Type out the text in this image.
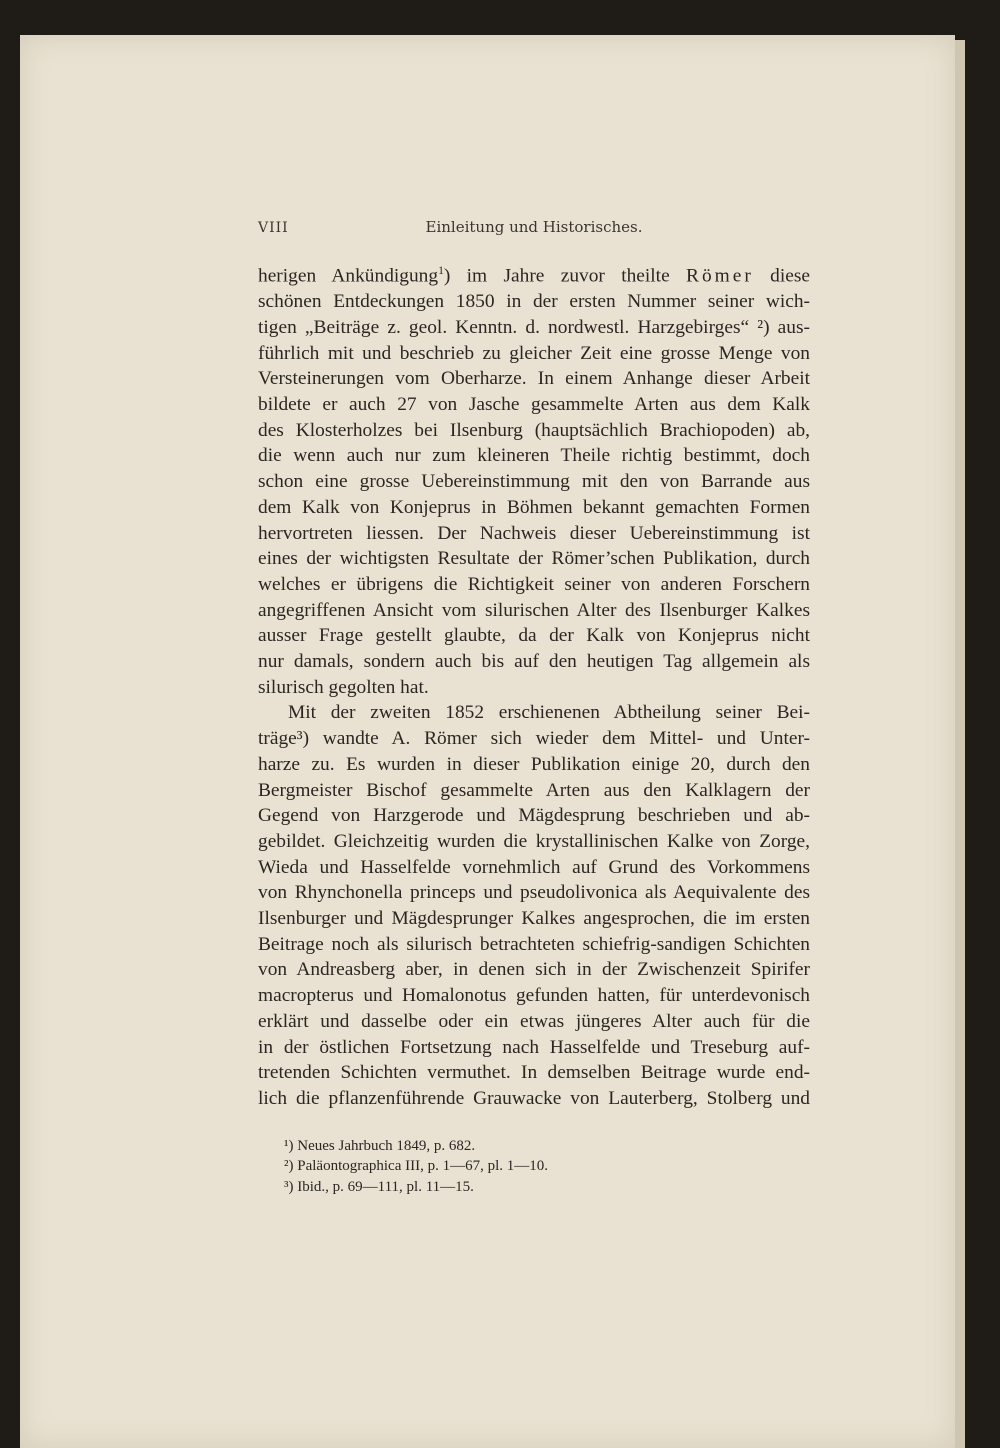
VIII	Einleitung und Historisches.
herigen Ankündigung$^1$) im Jahre zuvor theilte Römer diese
schönen Entdeckungen 1850 in der ersten Nummer seiner wich-
tigen „Beiträge z. geol. Kenntn. d. nordwestl. Harzgebirges“ ²) aus-
führlich mit und beschrieb zu gleicher Zeit eine grosse Menge von
Versteinerungen vom Oberharze. In einem Anhange dieser Arbeit
bildete er auch 27 von Jasche gesammelte Arten aus dem Kalk
des Klosterholzes bei Ilsenburg (hauptsächlich Brachiopoden) ab,
die wenn auch nur zum kleineren Theile richtig bestimmt, doch
schon eine grosse Uebereinstimmung mit den von Barrande aus
dem Kalk von Konjeprus in Böhmen bekannt gemachten Formen
hervortreten liessen. Der Nachweis dieser Uebereinstimmung ist
eines der wichtigsten Resultate der Römer’schen Publikation, durch
welches er übrigens die Richtigkeit seiner von anderen Forschern
angegriffenen Ansicht vom silurischen Alter des Ilsenburger Kalkes
ausser Frage gestellt glaubte, da der Kalk von Konjeprus nicht
nur damals, sondern auch bis auf den heutigen Tag allgemein als
silurisch gegolten hat.
Mit der zweiten 1852 erschienenen Abtheilung seiner Bei-
träge³) wandte A. Römer sich wieder dem Mittel- und Unter-
harze zu. Es wurden in dieser Publikation einige 20, durch den
Bergmeister Bischof gesammelte Arten aus den Kalklagern der
Gegend von Harzgerode und Mägdesprung beschrieben und ab-
gebildet. Gleichzeitig wurden die krystallinischen Kalke von Zorge,
Wieda und Hasselfelde vornehmlich auf Grund des Vorkommens
von Rhynchonella princeps und pseudolivonica als Aequivalente des
Ilsenburger und Mägdesprunger Kalkes angesprochen, die im ersten
Beitrage noch als silurisch betrachteten schiefrig-sandigen Schichten
von Andreasberg aber, in denen sich in der Zwischenzeit Spirifer
macropterus und Homalonotus gefunden hatten, für unterdevonisch
erklärt und dasselbe oder ein etwas jüngeres Alter auch für die
in der östlichen Fortsetzung nach Hasselfelde und Treseburg auf-
tretenden Schichten vermuthet. In demselben Beitrage wurde end-
lich die pflanzenführende Grauwacke von Lauterberg, Stolberg und
¹) Neues Jahrbuch 1849, p. 682.
²) Paläontographica III, p. 1—67, pl. 1—10.
³) Ibid., p. 69—111, pl. 11—15.
